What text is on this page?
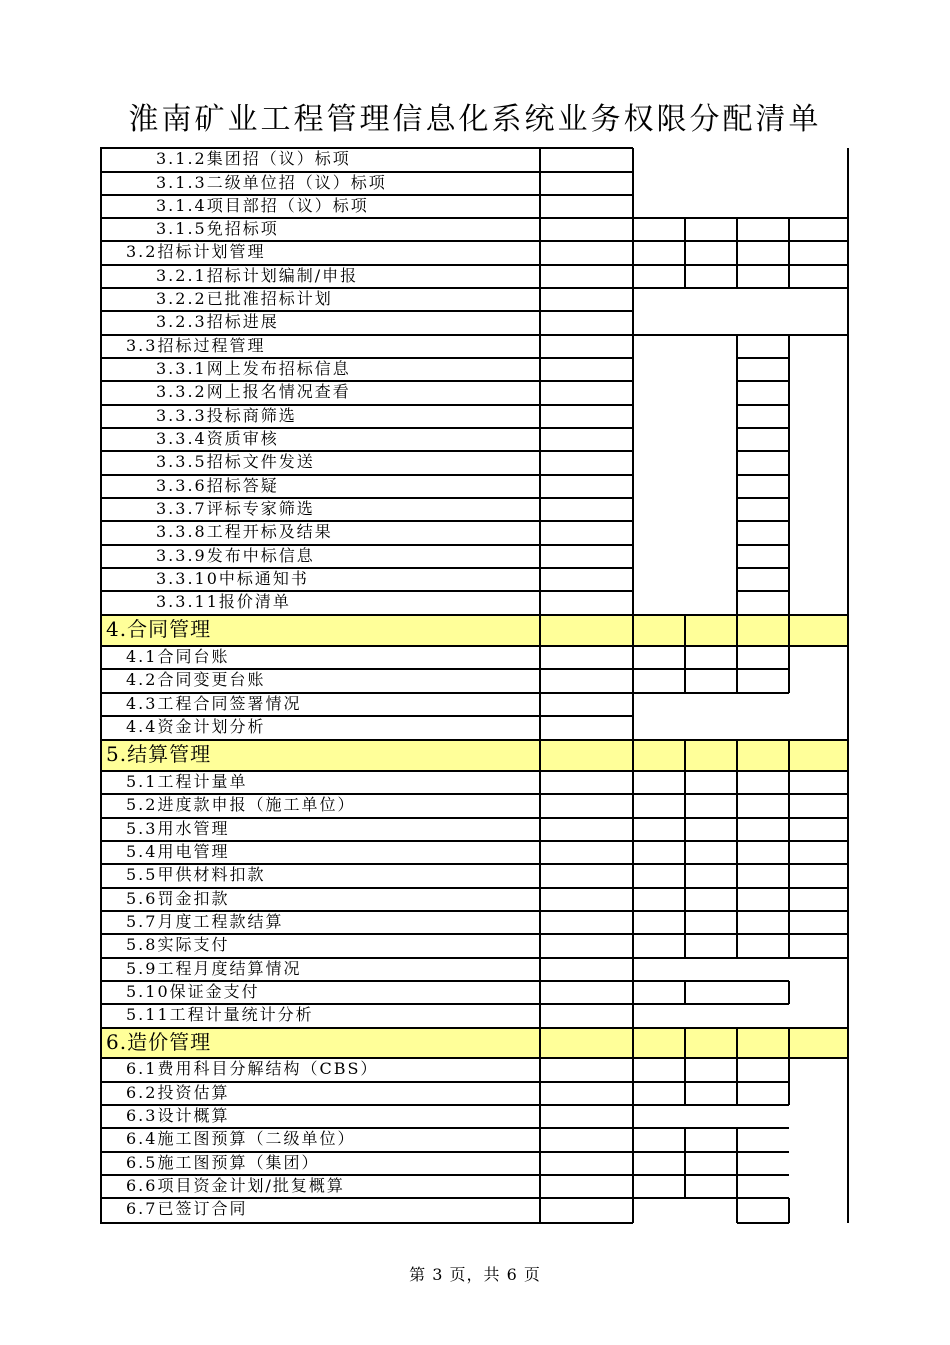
淮南矿业工程管理信息化系统业务权限分配清单
3.1.2集团招（议）标项
3.1.3二级单位招（议）标项
3.1.4项目部招（议）标项
3.1.5免招标项
3.2招标计划管理
3.2.1招标计划编制/申报
3.2.2已批准招标计划
3.2.3招标进展
3.3招标过程管理
3.3.1网上发布招标信息
3.3.2网上报名情况查看
3.3.3投标商筛选
3.3.4资质审核
3.3.5招标文件发送
3.3.6招标答疑
3.3.7评标专家筛选
3.3.8工程开标及结果
3.3.9发布中标信息
3.3.10中标通知书
3.3.11报价清单
4.合同管理
4.1合同台账
4.2合同变更台账
4.3工程合同签署情况
4.4资金计划分析
5.结算管理
5.1工程计量单
5.2进度款申报（施工单位）
5.3用水管理
5.4用电管理
5.5甲供材料扣款
5.6罚金扣款
5.7月度工程款结算
5.8实际支付
5.9工程月度结算情况
5.10保证金支付
5.11工程计量统计分析
6.造价管理
6.1费用科目分解结构（CBS）
6.2投资估算
6.3设计概算
6.4施工图预算（二级单位）
6.5施工图预算（集团）
6.6项目资金计划/批复概算
6.7已签订合同
第 3 页，共 6 页
